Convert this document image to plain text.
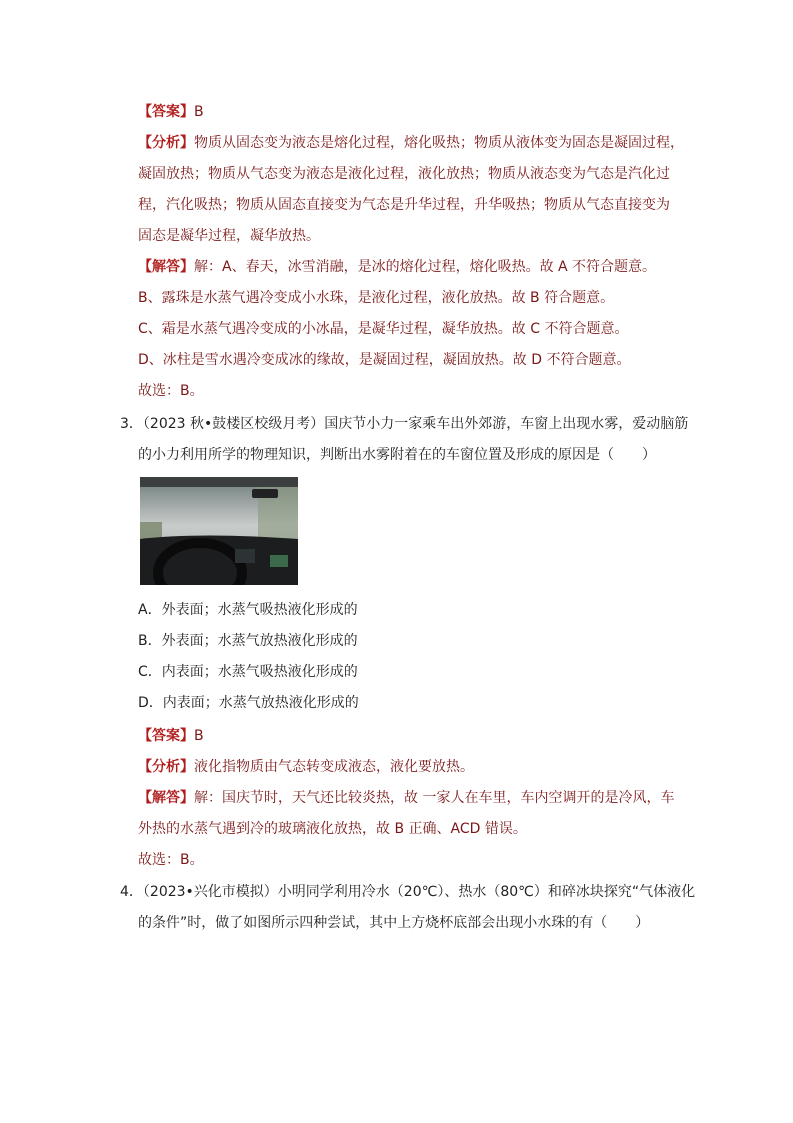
【答案】B
【分析】物质从固态变为液态是熔化过程，熔化吸热；物质从液体变为固态是凝固过程，
凝固放热；物质从气态变为液态是液化过程，液化放热；物质从液态变为气态是汽化过
程，汽化吸热；物质从固态直接变为气态是升华过程，升华吸热；物质从气态直接变为
固态是凝华过程，凝华放热。
【解答】解：A、春天，冰雪消融，是冰的熔化过程，熔化吸热。故 A 不符合题意。
B、露珠是水蒸气遇冷变成小水珠，是液化过程，液化放热。故 B 符合题意。
C、霜是水蒸气遇冷变成的小冰晶，是凝华过程，凝华放热。故 C 不符合题意。
D、冰柱是雪水遇冷变成冰的缘故，是凝固过程，凝固放热。故 D 不符合题意。
故选：B。
3．（2023 秋•鼓楼区校级月考）国庆节小力一家乘车出外郊游，车窗上出现水雾，爱动脑筋
的小力利用所学的物理知识，判断出水雾附着在的车窗位置及形成的原因是（　　）
A．外表面；水蒸气吸热液化形成的
B．外表面；水蒸气放热液化形成的
C．内表面；水蒸气吸热液化形成的
D．内表面；水蒸气放热液化形成的
【答案】B
【分析】液化指物质由气态转变成液态，液化要放热。
【解答】解：国庆节时，天气还比较炎热，故 一家人在车里，车内空调开的是冷风，车
外热的水蒸气遇到冷的玻璃液化放热，故 B 正确、ACD 错误。
故选：B。
4．（2023•兴化市模拟）小明同学利用冷水（20℃）、热水（80℃）和碎冰块探究“气体液化
的条件”时，做了如图所示四种尝试，其中上方烧杯底部会出现小水珠的有（　　）
